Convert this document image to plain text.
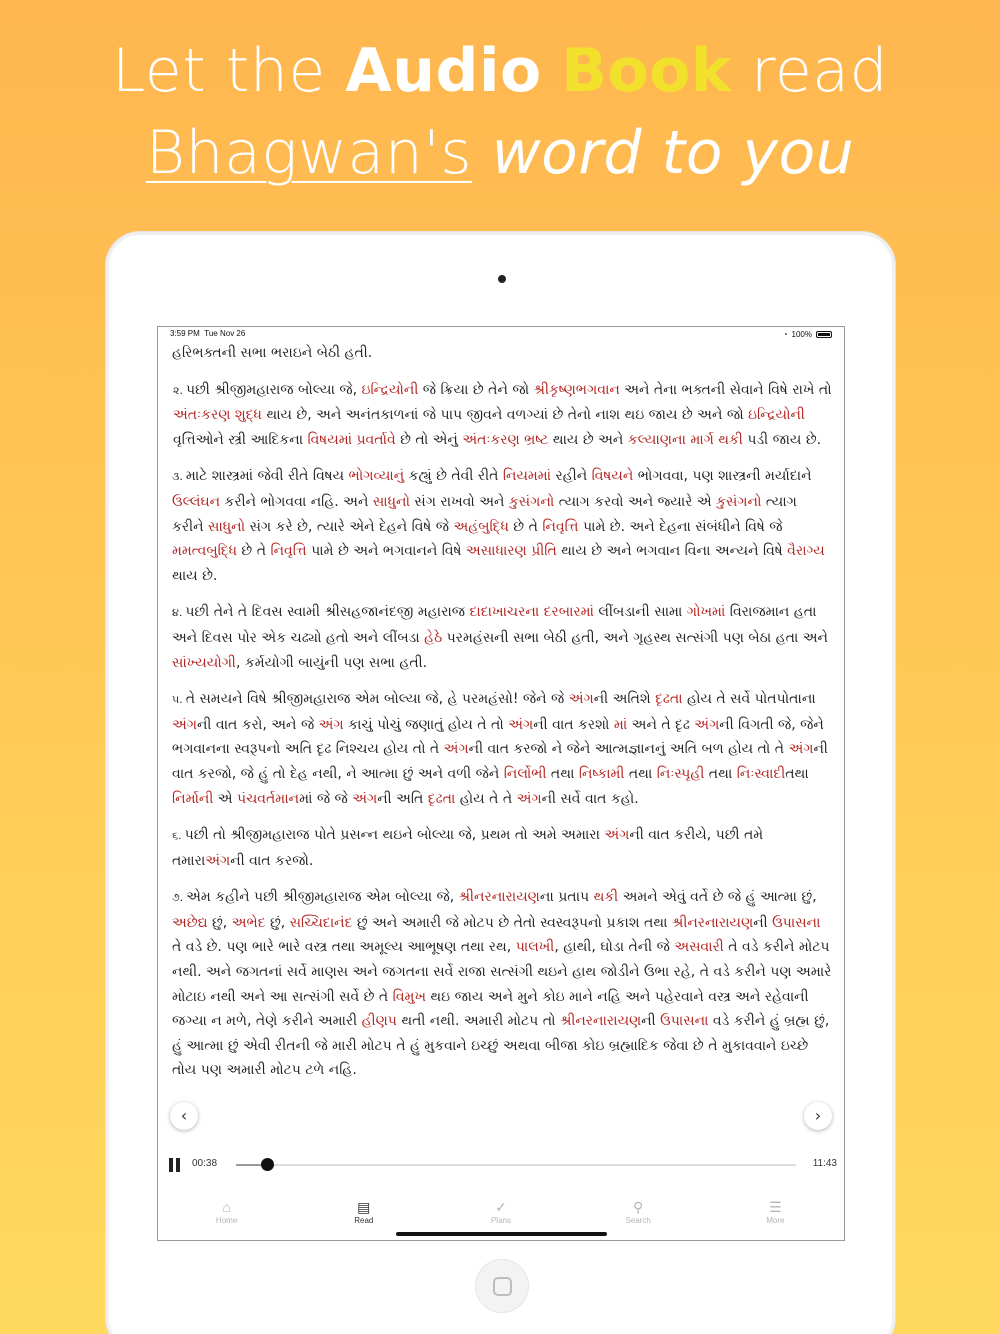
Let the Audio Book read
Bhagwan's word to you
3:59 PM Tue Nov 26	◔ 100%
હરિભક્તની સભા ભરાઇને બેઠી હતી.
૨. પછી શ્રીજીમહારાજ બોલ્યા જે, ઇન્દ્રિયોની જે ક્રિયા છે તેને જો શ્રીકૃષ્ણભગવાન અને તેના ભક્તની સેવાને વિષે રાખે તો અંતઃકરણ શુદ્ધ થાય છે, અને અનંતકાળનાં જે પાપ જીવને વળગ્યાં છે તેનો નાશ થઇ જાય છે અને જો ઇન્દ્રિયોની વૃત્તિઓને સ્ત્રી આદિકના વિષયમાં પ્રવર્તાવે છે તો એનું અંતઃકરણ ભ્રષ્ટ થાય છે અને કલ્યાણના માર્ગ થકી પડી જાય છે.
૩. માટે શાસ્ત્રમાં જેવી રીતે વિષય ભોગવ્યાનું કહ્યું છે તેવી રીતે નિયમમાં રહીને વિષયને ભોગવવા, પણ શાસ્ત્રની મર્યાદાને ઉલ્લંઘન કરીને ભોગવવા નહિ. અને સાધુનો સંગ રાખવો અને કુસંગનો ત્યાગ કરવો અને જ્યારે એ કુસંગનો ત્યાગ કરીને સાધુનો સંગ કરે છે, ત્યારે એને દેહને વિષે જે અહંબુદ્ધિ છે તે નિવૃત્તિ પામે છે. અને દેહના સંબંધીને વિષે જે મમત્વબુદ્ધિ છે તે નિવૃત્તિ પામે છે અને ભગવાનને વિષે અસાધારણ પ્રીતિ થાય છે અને ભગવાન વિના અન્યને વિષે વૈરાગ્ય થાય છે.
૪. પછી તેને તે દિવસ સ્વામી શ્રીસહજાનંદજી મહારાજ દાદાખાચરના દરબારમાં લીંબડાની સામા ગોખમાં વિરાજમાન હતા અને દિવસ પોર એક ચઢ્યો હતો અને લીંબડા હેઠે પરમહંસની સભા બેઠી હતી, અને ગૃહસ્થ સત્સંગી પણ બેઠા હતા અને સાંખ્યયોગી, કર્મયોગી બાયુંની પણ સભા હતી.
૫. તે સમયને વિષે શ્રીજીમહારાજ એમ બોલ્યા જે, હે પરમહંસો! જેને જે અંગની અતિશે દૃઢતા હોય તે સર્વે પોતપોતાના અંગની વાત કરો, અને જે અંગ કાચું પોચું જણાતું હોય તે તો અંગની વાત કરશો માં અને તે દૃઢ અંગની વિગતી જે, જેને ભગવાનના સ્વરૂપનો અતિ દૃઢ નિશ્ચય હોય તો તે અંગની વાત કરજો ને જેને આત્મજ્ઞાનનું અતિ બળ હોય તો તે અંગની વાત કરજો, જે હું તો દેહ નથી, ને આત્મા છું અને વળી જેને નિર્લોભી તથા નિષ્કામી તથા નિઃસ્પૃહી તથા નિઃસ્વાદીતથા નિર્માની એ પંચવર્તમાનમાં જે જે અંગની અતિ દૃઢતા હોય તે તે અંગની સર્વે વાત કહો.
૬. પછી તો શ્રીજીમહારાજ પોતે પ્રસન્ન થઇને બોલ્યા જે, પ્રથમ તો અમે અમારા અંગની વાત કરીયે, પછી તમે તમારાઅંગની વાત કરજો.
૭. એમ કહીને પછી શ્રીજીમહારાજ એમ બોલ્યા જે, શ્રીનરનારાયણના પ્રતાપ થકી અમને એવું વર્તે છે જે હું આત્મા છું, અછેદ્ય છું, અભેદ છું, સચ્ચિદાનંદ છું અને અમારી જે મોટપ છે તેતો સ્વસ્વરૂપનો પ્રકાશ તથા શ્રીનરનારાયણની ઉપાસના તે વડે છે. પણ ભારે ભારે વસ્ત્ર તથા અમૂલ્ય આભૂષણ તથા રથ, પાલખી, હાથી, ઘોડા તેની જે અસવારી તે વડે કરીને મોટપ નથી. અને જગતનાં સર્વે માણસ અને જગતના સર્વે રાજા સત્સંગી થઇને હાથ જોડીને ઉભા રહે, તે વડે કરીને પણ અમારે મોટાઇ નથી અને આ સત્સંગી સર્વે છે તે વિમુખ થઇ જાય અને મુને કોઇ માને નહિ અને પહેરવાને વસ્ત્ર અને રહેવાની જગ્યા ન મળે, તેણે કરીને અમારી હીણપ થતી નથી. અમારી મોટપ તો શ્રીનરનારાયણની ઉપાસના વડે કરીને હું બ્રહ્મ છું, હું આત્મા છું એવી રીતની જે મારી મોટપ તે હું મુકવાને ઇચ્છું અથવા બીજા કોઇ બ્રહ્માદિક જેવા છે તે મુકાવવાને ઇચ્છે તોય પણ અમારી મોટપ ટળે નહિ.
‹	›
00:38	11:43
⌂
Home
▤
Read
✓
Plans
⚲
Search
☰
More
